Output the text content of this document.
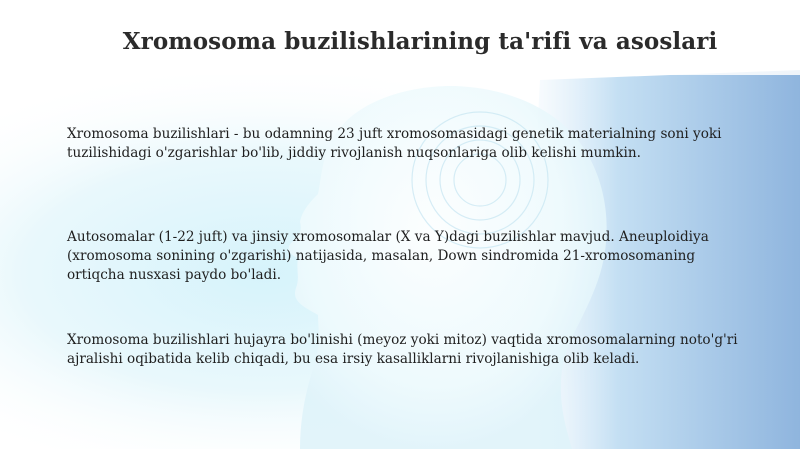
Xromosoma buzilishlarining ta'rifi va asoslari

Xromosoma buzilishlari - bu odamning 23 juft xromosomasidagi genetik materialning soni yoki tuzilishidagi o'zgarishlar bo'lib, jiddiy rivojlanish nuqsonlariga olib kelishi mumkin.

Autosomalar (1-22 juft) va jinsiy xromosomalar (X va Y)dagi buzilishlar mavjud. Aneuploidiya (xromosoma sonining o'zgarishi) natijasida, masalan, Down sindromida 21-xromosomaning ortiqcha nusxasi paydo bo'ladi.

Xromosoma buzilishlari hujayra bo'linishi (meyoz yoki mitoz) vaqtida xromosomalarning noto'g'ri ajralishi oqibatida kelib chiqadi, bu esa irsiy kasalliklarni rivojlanishiga olib keladi.
